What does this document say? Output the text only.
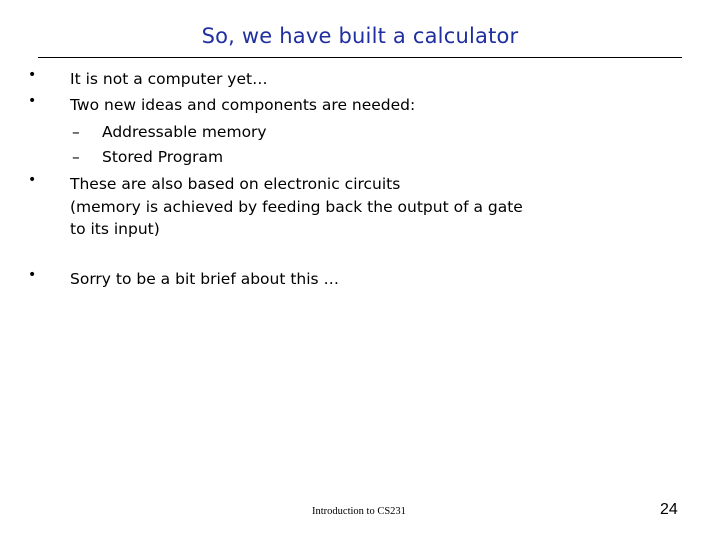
So, we have built a calculator
• It is not a computer yet…
• Two new ideas and components are needed:
– Addressable memory
– Stored Program
• These are also based on electronic circuits
(memory is achieved by feeding back the output of a gate
to its input)
• Sorry to be a bit brief about this …
Introduction to CS231	24
